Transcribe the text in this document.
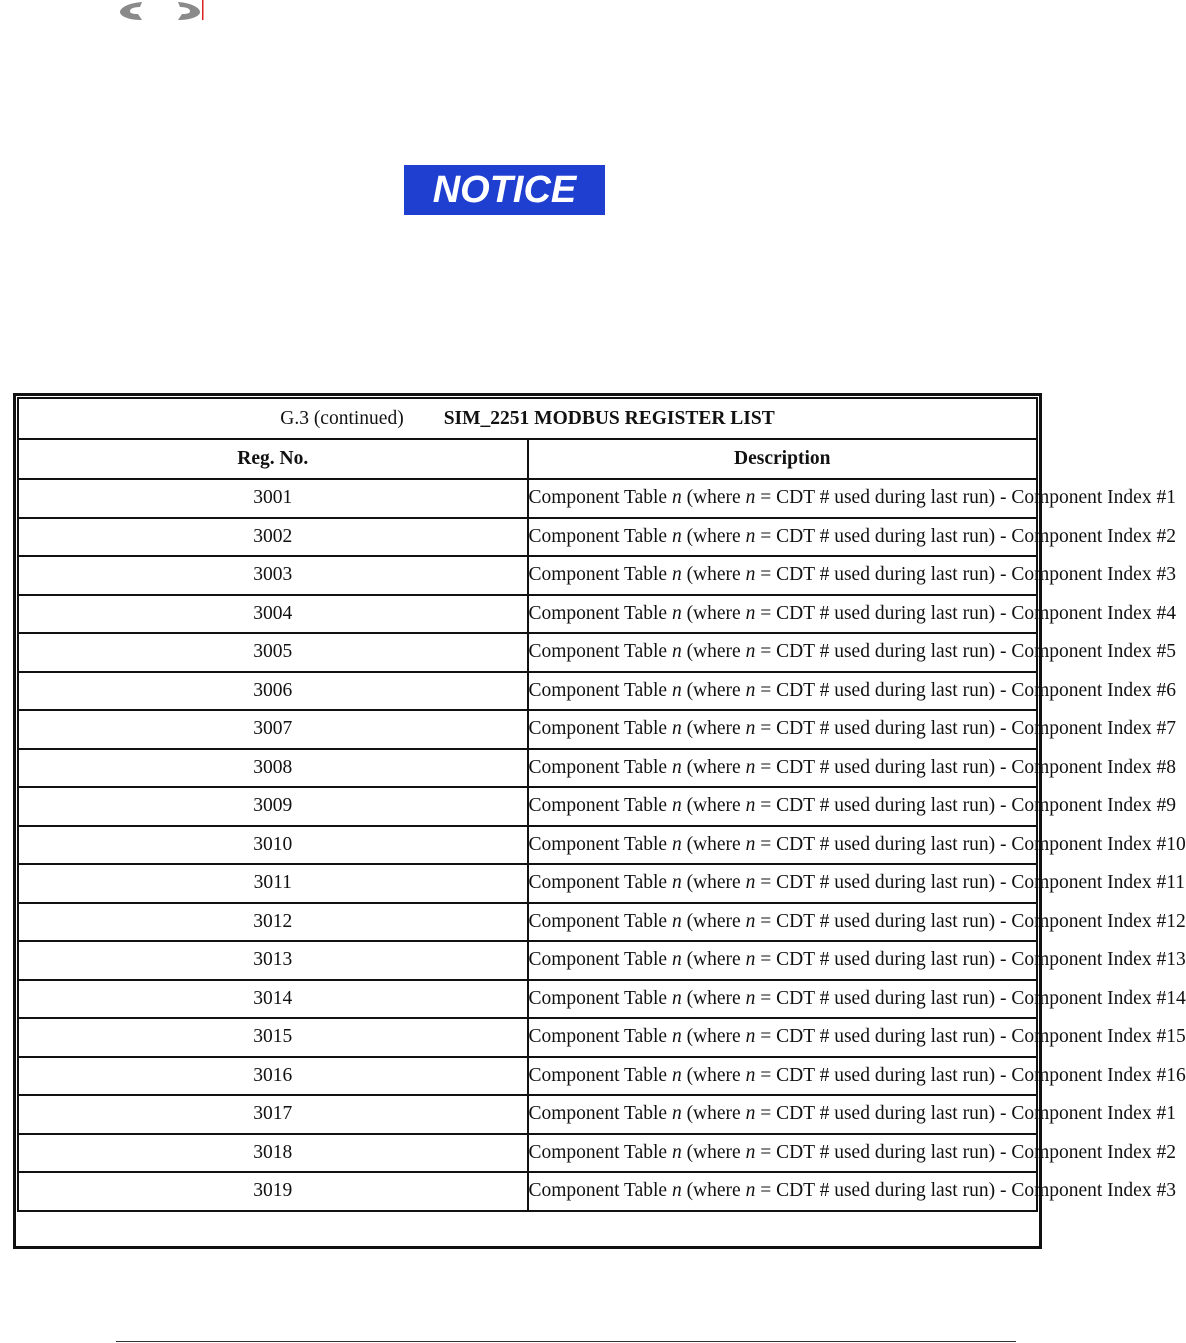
NOTICE
G.3 (continued) SIM_2251 MODBUS REGISTER LIST	
Reg. No.	Description
3001	Component Table n (where n = CDT # used during last run) - Component Index #1
3002	Component Table n (where n = CDT # used during last run) - Component Index #2
3003	Component Table n (where n = CDT # used during last run) - Component Index #3
3004	Component Table n (where n = CDT # used during last run) - Component Index #4
3005	Component Table n (where n = CDT # used during last run) - Component Index #5
3006	Component Table n (where n = CDT # used during last run) - Component Index #6
3007	Component Table n (where n = CDT # used during last run) - Component Index #7
3008	Component Table n (where n = CDT # used during last run) - Component Index #8
3009	Component Table n (where n = CDT # used during last run) - Component Index #9
3010	Component Table n (where n = CDT # used during last run) - Component Index #10
3011	Component Table n (where n = CDT # used during last run) - Component Index #11
3012	Component Table n (where n = CDT # used during last run) - Component Index #12
3013	Component Table n (where n = CDT # used during last run) - Component Index #13
3014	Component Table n (where n = CDT # used during last run) - Component Index #14
3015	Component Table n (where n = CDT # used during last run) - Component Index #15
3016	Component Table n (where n = CDT # used during last run) - Component Index #16
3017	Component Table n (where n = CDT # used during last run) - Component Index #1
3018	Component Table n (where n = CDT # used during last run) - Component Index #2
3019	Component Table n (where n = CDT # used during last run) - Component Index #3
